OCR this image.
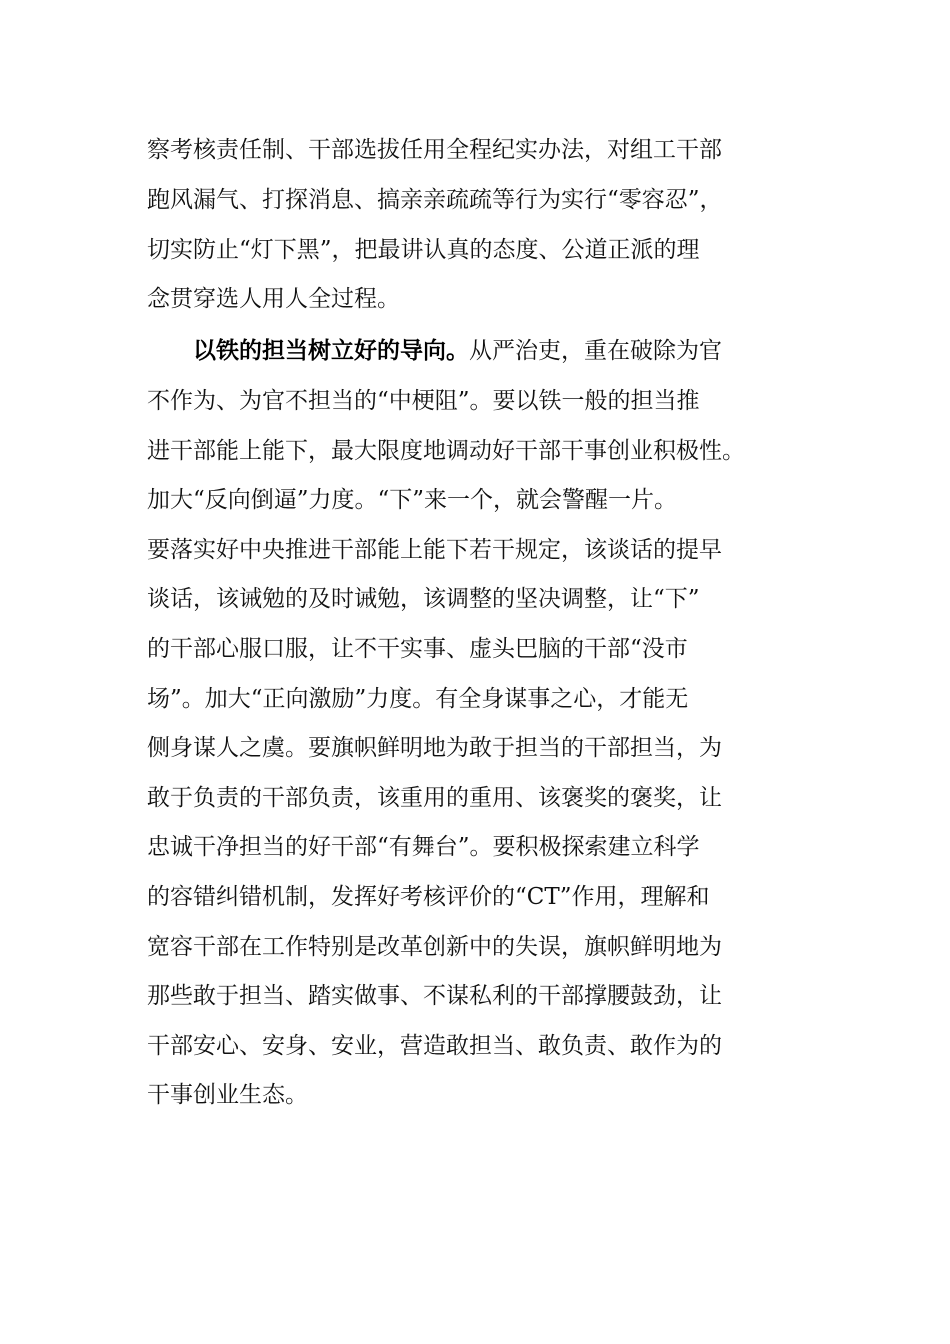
察考核责任制、干部选拔任用全程纪实办法，对组工干部
跑风漏气、打探消息、搞亲亲疏疏等行为实行“零容忍”，
切实防止“灯下黑”，把最讲认真的态度、公道正派的理
念贯穿选人用人全过程。
以铁的担当树立好的导向。从严治吏，重在破除为官
不作为、为官不担当的“中梗阻”。要以铁一般的担当推
进干部能上能下，最大限度地调动好干部干事创业积极性。
加大“反向倒逼”力度。“下”来一个，就会警醒一片。
要落实好中央推进干部能上能下若干规定，该谈话的提早
谈话，该诫勉的及时诫勉，该调整的坚决调整，让“下”
的干部心服口服，让不干实事、虚头巴脑的干部“没市
场”。加大“正向激励”力度。有全身谋事之心，才能无
侧身谋人之虞。要旗帜鲜明地为敢于担当的干部担当，为
敢于负责的干部负责，该重用的重用、该褒奖的褒奖，让
忠诚干净担当的好干部“有舞台”。要积极探索建立科学
的容错纠错机制，发挥好考核评价的“CT”作用，理解和
宽容干部在工作特别是改革创新中的失误，旗帜鲜明地为
那些敢于担当、踏实做事、不谋私利的干部撑腰鼓劲，让
干部安心、安身、安业，营造敢担当、敢负责、敢作为的
干事创业生态。
